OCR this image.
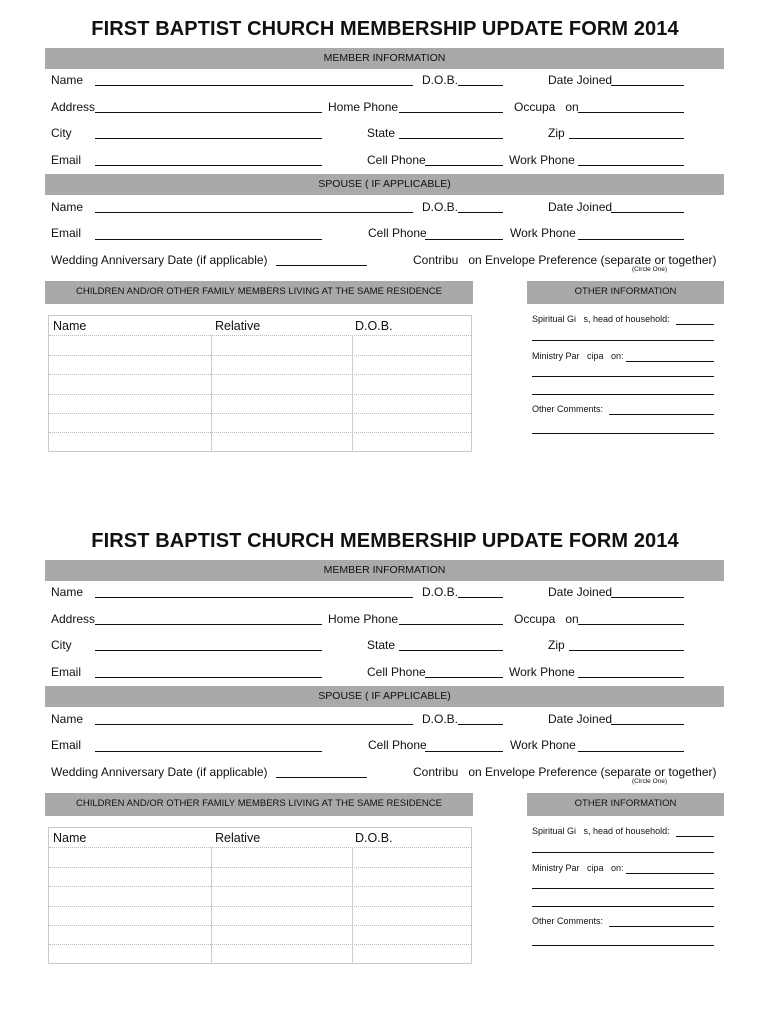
FIRST BAPTIST CHURCH MEMBERSHIP UPDATE FORM 2014
MEMBER INFORMATION
Name	D.O.B.	Date Joined
Address	Home Phone	Occupa   on
City	State	Zip
Email	Cell Phone	Work Phone
SPOUSE ( IF APPLICABLE)
Name	D.O.B.	Date Joined
Email	Cell Phone	Work Phone
Wedding Anniversary Date (if applicable)	Contribu   on Envelope Preference (separate or together)
(Circle One)
CHILDREN AND/OR OTHER FAMILY MEMBERS LIVING AT THE SAME RESIDENCE
Name	Relative	D.O.B.
OTHER INFORMATION
Spiritual Gi   s, head of household:
Ministry Par   cipa   on:
Other Comments:
FIRST BAPTIST CHURCH MEMBERSHIP UPDATE FORM 2014
MEMBER INFORMATION
Name	D.O.B.	Date Joined
Address	Home Phone	Occupa   on
City	State	Zip
Email	Cell Phone	Work Phone
SPOUSE ( IF APPLICABLE)
Name	D.O.B.	Date Joined
Email	Cell Phone	Work Phone
Wedding Anniversary Date (if applicable)	Contribu   on Envelope Preference (separate or together)
(Circle One)
CHILDREN AND/OR OTHER FAMILY MEMBERS LIVING AT THE SAME RESIDENCE
Name	Relative	D.O.B.
OTHER INFORMATION
Spiritual Gi   s, head of household:
Ministry Par   cipa   on:
Other Comments:
